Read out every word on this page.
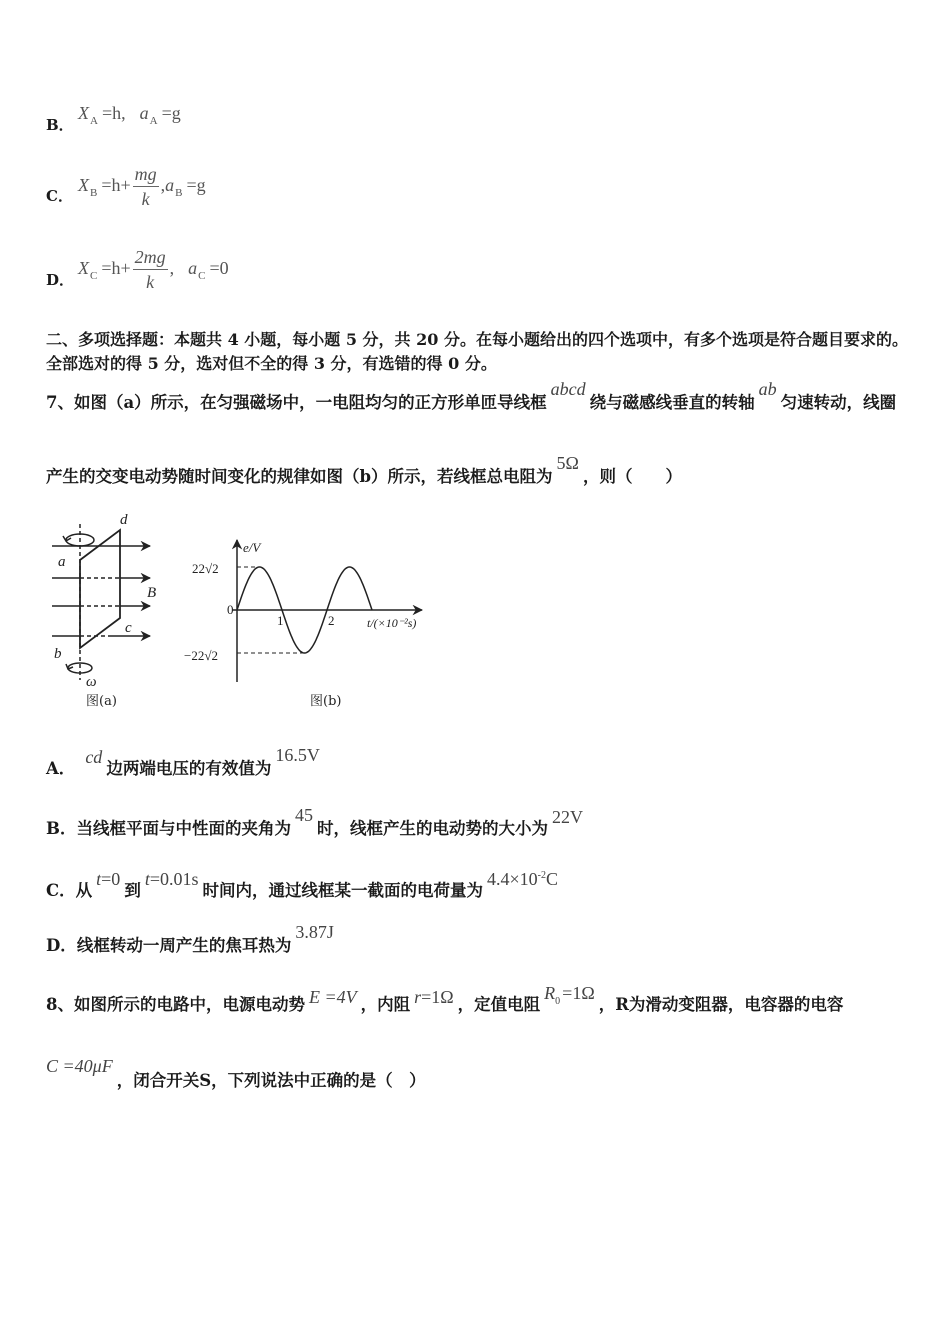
B．
$X_A =h$, $a_A =g$
C．
$X_B =h+ \frac{mg}{k} ,a_B =g$
D．
$X_C =h+ \frac{2mg}{k}$ , $a_C =0$
二、多项选择题：本题共 4 小题，每小题 5 分，共 20 分。在每小题给出的四个选项中，有多个选项是符合题目要求的。
全部选对的得 5 分，选对但不全的得 3 分，有选错的得 0 分。
7、如图（a）所示，在匀强磁场中，一电阻均匀的正方形单匝导线框abcd绕与磁感线垂直的转轴ab匀速转动，线圈
产生的交变电动势随时间变化的规律如图（b）所示，若线框总电阻为5Ω，则（　　）
d
a
B
c
b
ω
图(a)
e/V
22√2
0
1	2	t/(×10⁻²s)
−22√2
图(b)
A．cd边两端电压的有效值为16.5V
B．当线框平面与中性面的夹角为45时，线框产生的电动势的大小为22V
C．从t=0到t=0.01s时间内，通过线框某一截面的电荷量为$4.4\times 10^{-2}C$
D．线框转动一周产生的焦耳热为3.87J
8、如图所示的电路中，电源电动势 E =4V ，内阻 r=1Ω ，定值电阻$R_0 =1\Omega$，R为滑动变阻器，电容器的电容
C =40μF，闭合开关S，下列说法中正确的是（　）
